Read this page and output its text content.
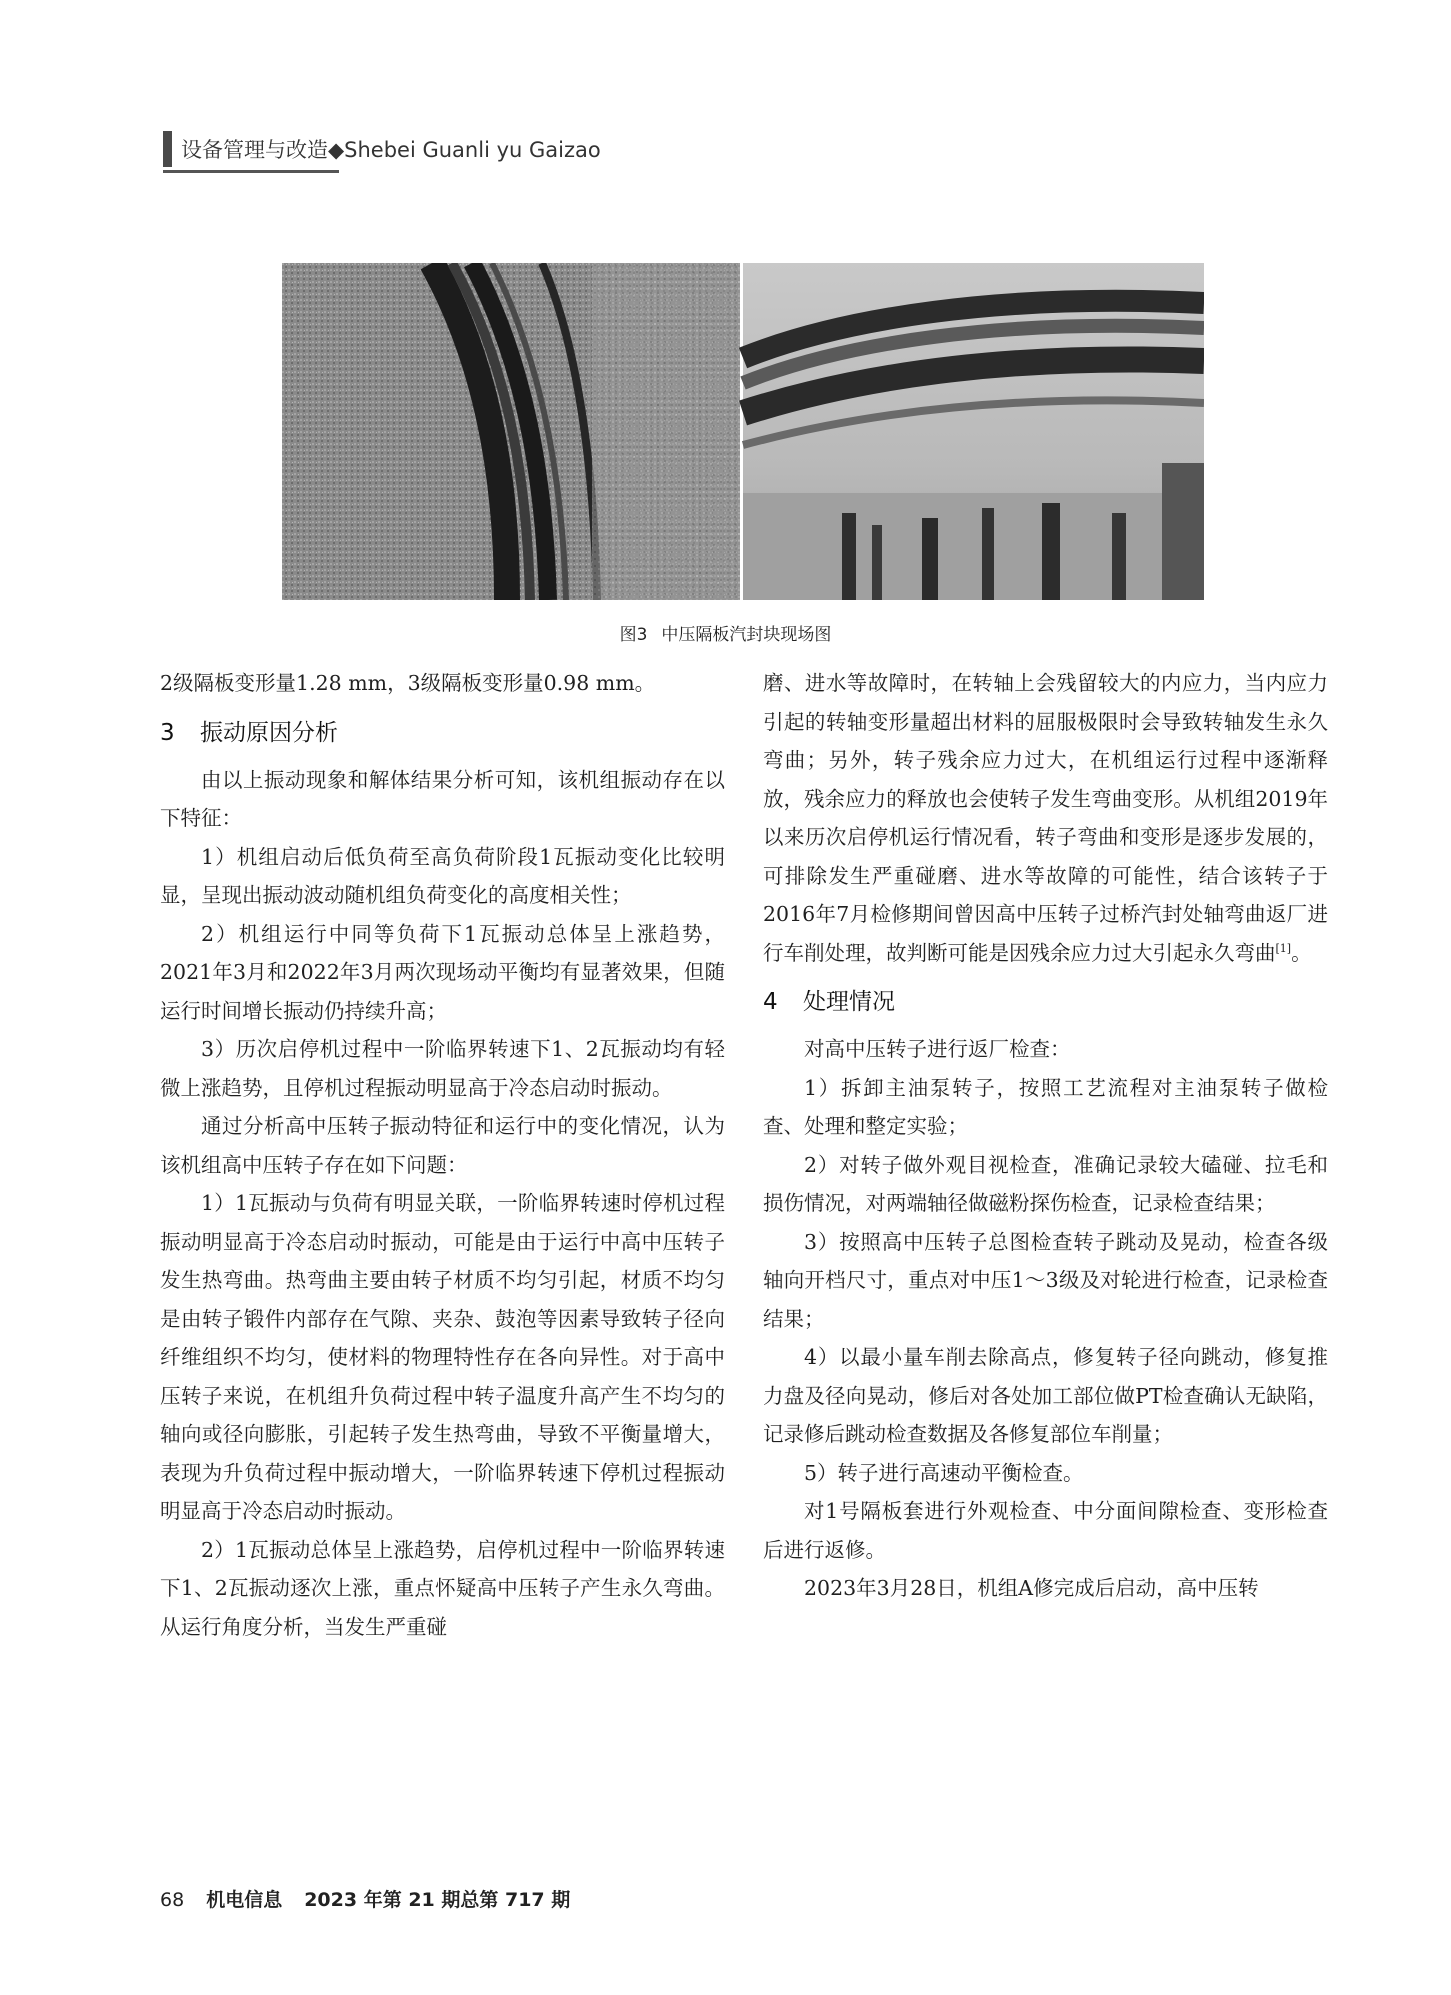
设备管理与改造◆Shebei Guanli yu Gaizao
图3 中压隔板汽封块现场图

2级隔板变形量1.28 mm，3级隔板变形量0.98 mm。

3 振动原因分析

由以上振动现象和解体结果分析可知，该机组振动存在以下特征：

1）机组启动后低负荷至高负荷阶段1瓦振动变化比较明显，呈现出振动波动随机组负荷变化的高度相关性；

2）机组运行中同等负荷下1瓦振动总体呈上涨趋势，2021年3月和2022年3月两次现场动平衡均有显著效果，但随运行时间增长振动仍持续升高；

3）历次启停机过程中一阶临界转速下1、2瓦振动均有轻微上涨趋势，且停机过程振动明显高于冷态启动时振动。

通过分析高中压转子振动特征和运行中的变化情况，认为该机组高中压转子存在如下问题：

1）1瓦振动与负荷有明显关联，一阶临界转速时停机过程振动明显高于冷态启动时振动，可能是由于运行中高中压转子发生热弯曲。热弯曲主要由转子材质不均匀引起，材质不均匀是由转子锻件内部存在气隙、夹杂、鼓泡等因素导致转子径向纤维组织不均匀，使材料的物理特性存在各向异性。对于高中压转子来说，在机组升负荷过程中转子温度升高产生不均匀的轴向或径向膨胀，引起转子发生热弯曲，导致不平衡量增大，表现为升负荷过程中振动增大，一阶临界转速下停机过程振动明显高于冷态启动时振动。

2）1瓦振动总体呈上涨趋势，启停机过程中一阶临界转速下1、2瓦振动逐次上涨，重点怀疑高中压转子产生永久弯曲。从运行角度分析，当发生严重碰

磨、进水等故障时，在转轴上会残留较大的内应力，当内应力引起的转轴变形量超出材料的屈服极限时会导致转轴发生永久弯曲；另外，转子残余应力过大，在机组运行过程中逐渐释放，残余应力的释放也会使转子发生弯曲变形。从机组2019年以来历次启停机运行情况看，转子弯曲和变形是逐步发展的，可排除发生严重碰磨、进水等故障的可能性，结合该转子于2016年7月检修期间曾因高中压转子过桥汽封处轴弯曲返厂进行车削处理，故判断可能是因残余应力过大引起永久弯曲[1]。

4 处理情况

对高中压转子进行返厂检查：

1）拆卸主油泵转子，按照工艺流程对主油泵转子做检查、处理和整定实验；

2）对转子做外观目视检查，准确记录较大磕碰、拉毛和损伤情况，对两端轴径做磁粉探伤检查，记录检查结果；

3）按照高中压转子总图检查转子跳动及晃动，检查各级轴向开档尺寸，重点对中压1～3级及对轮进行检查，记录检查结果；

4）以最小量车削去除高点，修复转子径向跳动，修复推力盘及径向晃动，修后对各处加工部位做PT检查确认无缺陷，记录修后跳动检查数据及各修复部位车削量；

5）转子进行高速动平衡检查。

对1号隔板套进行外观检查、中分面间隙检查、变形检查后进行返修。

2023年3月28日，机组A修完成后启动，高中压转

68 机电信息 2023 年第 21 期总第 717 期
